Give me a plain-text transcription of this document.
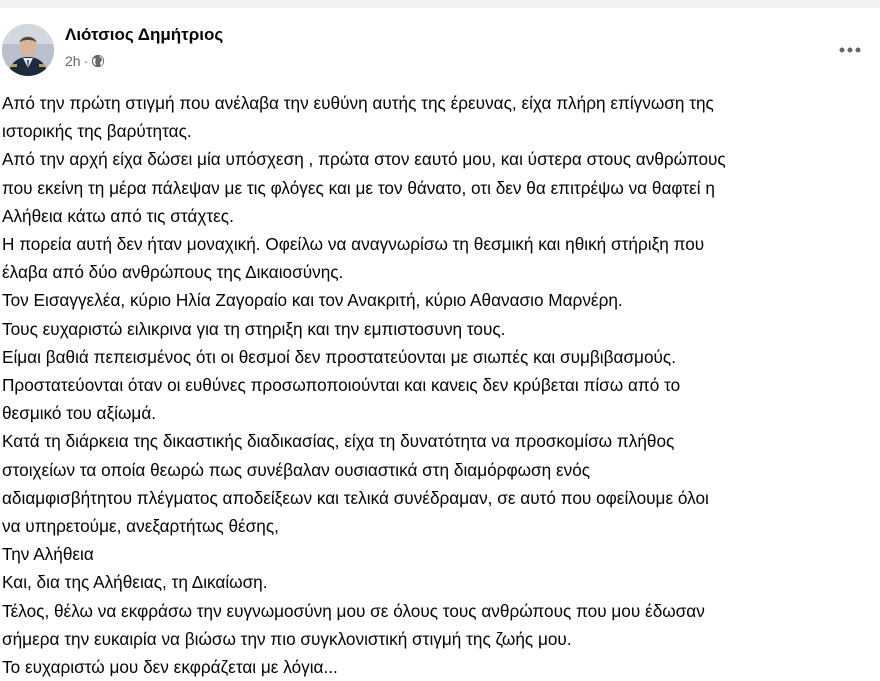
Λιότσιος Δημήτριος
2h ·
Από την πρώτη στιγμή που ανέλαβα την ευθύνη αυτής της έρευνας, είχα πλήρη επίγνωση της
ιστορικής της βαρύτητας.
Από την αρχή είχα δώσει μία υπόσχεση , πρώτα στον εαυτό μου, και ύστερα στους ανθρώπους
που εκείνη τη μέρα πάλεψαν με τις φλόγες και με τον θάνατο, οτι δεν θα επιτρέψω να θαφτεί η
Αλήθεια κάτω από τις στάχτες.
Η πορεία αυτή δεν ήταν μοναχική. Οφείλω να αναγνωρίσω τη θεσμική και ηθική στήριξη που
έλαβα από δύο ανθρώπους της Δικαιοσύνης.
Τον Εισαγγελέα, κύριο Ηλία Ζαγοραίο και τον Ανακριτή, κύριο Αθανασιο Μαρνέρη.
Τους ευχαριστώ ειλικρινα για τη στηριξη και την εμπιστοσυνη τους.
Είμαι βαθιά πεπεισμένος ότι οι θεσμοί δεν προστατεύονται με σιωπές και συμβιβασμούς.
Προστατεύονται όταν οι ευθύνες προσωποποιούνται και κανεις δεν κρύβεται πίσω από το
θεσμικό του αξίωμά.
Κατά τη διάρκεια της δικαστικής διαδικασίας, είχα τη δυνατότητα να προσκομίσω πλήθος
στοιχείων τα οποία θεωρώ πως συνέβαλαν ουσιαστικά στη διαμόρφωση ενός
αδιαμφισβήτητου πλέγματος αποδείξεων και τελικά συνέδραμαν, σε αυτό που οφείλουμε όλοι
να υπηρετούμε, ανεξαρτήτως θέσης,
Την Αλήθεια
Και, δια της Αλήθειας, τη Δικαίωση.
Τέλος, θέλω να εκφράσω την ευγνωμοσύνη μου σε όλους τους ανθρώπους που μου έδωσαν
σήμερα την ευκαιρία να βιώσω την πιο συγκλονιστική στιγμή της ζωής μου.
Το ευχαριστώ μου δεν εκφράζεται με λόγια...
